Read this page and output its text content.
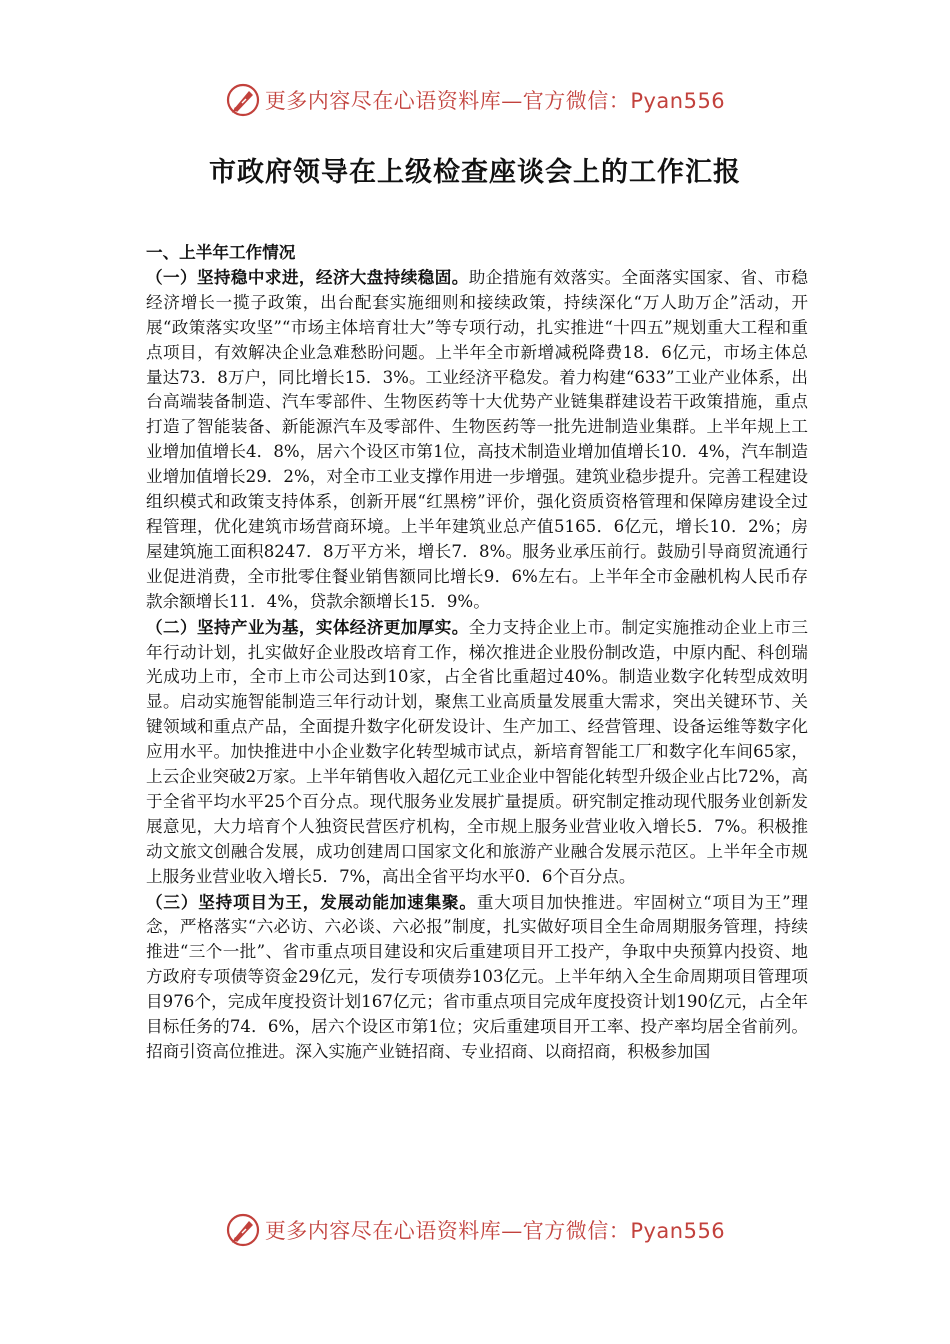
更多内容尽在心语资料库—官方微信：Pyan556
市政府领导在上级检查座谈会上的工作汇报

一、上半年工作情况

（一）坚持稳中求进，经济大盘持续稳固。助企措施有效落实。全面落实国家、省、市稳经济增长一揽子政策，出台配套实施细则和接续政策，持续深化“万人助万企”活动，开展“政策落实攻坚”“市场主体培育壮大”等专项行动，扎实推进“十四五”规划重大工程和重点项目，有效解决企业急难愁盼问题。上半年全市新增减税降费18．6亿元，市场主体总量达73．8万户，同比增长15．3%。工业经济平稳发。着力构建“633”工业产业体系，出台高端装备制造、汽车零部件、生物医药等十大优势产业链集群建设若干政策措施，重点打造了智能装备、新能源汽车及零部件、生物医药等一批先进制造业集群。上半年规上工业增加值增长4．8%，居六个设区市第1位，高技术制造业增加值增长10．4%，汽车制造业增加值增长29．2%，对全市工业支撑作用进一步增强。建筑业稳步提升。完善工程建设组织模式和政策支持体系，创新开展“红黑榜”评价，强化资质资格管理和保障房建设全过程管理，优化建筑市场营商环境。上半年建筑业总产值5165．6亿元，增长10．2%；房屋建筑施工面积8247．8万平方米，增长7．8%。服务业承压前行。鼓励引导商贸流通行业促进消费，全市批零住餐业销售额同比增长9．6%左右。上半年全市金融机构人民币存款余额增长11．4%，贷款余额增长15．9%。

（二）坚持产业为基，实体经济更加厚实。全力支持企业上市。制定实施推动企业上市三年行动计划，扎实做好企业股改培育工作，梯次推进企业股份制改造，中原内配、科创瑞光成功上市，全市上市公司达到10家，占全省比重超过40%。制造业数字化转型成效明显。启动实施智能制造三年行动计划，聚焦工业高质量发展重大需求，突出关键环节、关键领域和重点产品，全面提升数字化研发设计、生产加工、经营管理、设备运维等数字化应用水平。加快推进中小企业数字化转型城市试点，新培育智能工厂和数字化车间65家，上云企业突破2万家。上半年销售收入超亿元工业企业中智能化转型升级企业占比72%，高于全省平均水平25个百分点。现代服务业发展扩量提质。研究制定推动现代服务业创新发展意见，大力培育个人独资民营医疗机构，全市规上服务业营业收入增长5．7%。积极推动文旅文创融合发展，成功创建周口国家文化和旅游产业融合发展示范区。上半年全市规上服务业营业收入增长5．7%，高出全省平均水平0．6个百分点。

（三）坚持项目为王，发展动能加速集聚。重大项目加快推进。牢固树立“项目为王”理念，严格落实“六必访、六必谈、六必报”制度，扎实做好项目全生命周期服务管理，持续推进“三个一批”、省市重点项目建设和灾后重建项目开工投产，争取中央预算内投资、地方政府专项债等资金29亿元，发行专项债券103亿元。上半年纳入全生命周期项目管理项目976个，完成年度投资计划167亿元；省市重点项目完成年度投资计划190亿元，占全年目标任务的74．6%，居六个设区市第1位；灾后重建项目开工率、投产率均居全省前列。招商引资高位推进。深入实施产业链招商、专业招商、以商招商，积极参加国

更多内容尽在心语资料库—官方微信：Pyan556
